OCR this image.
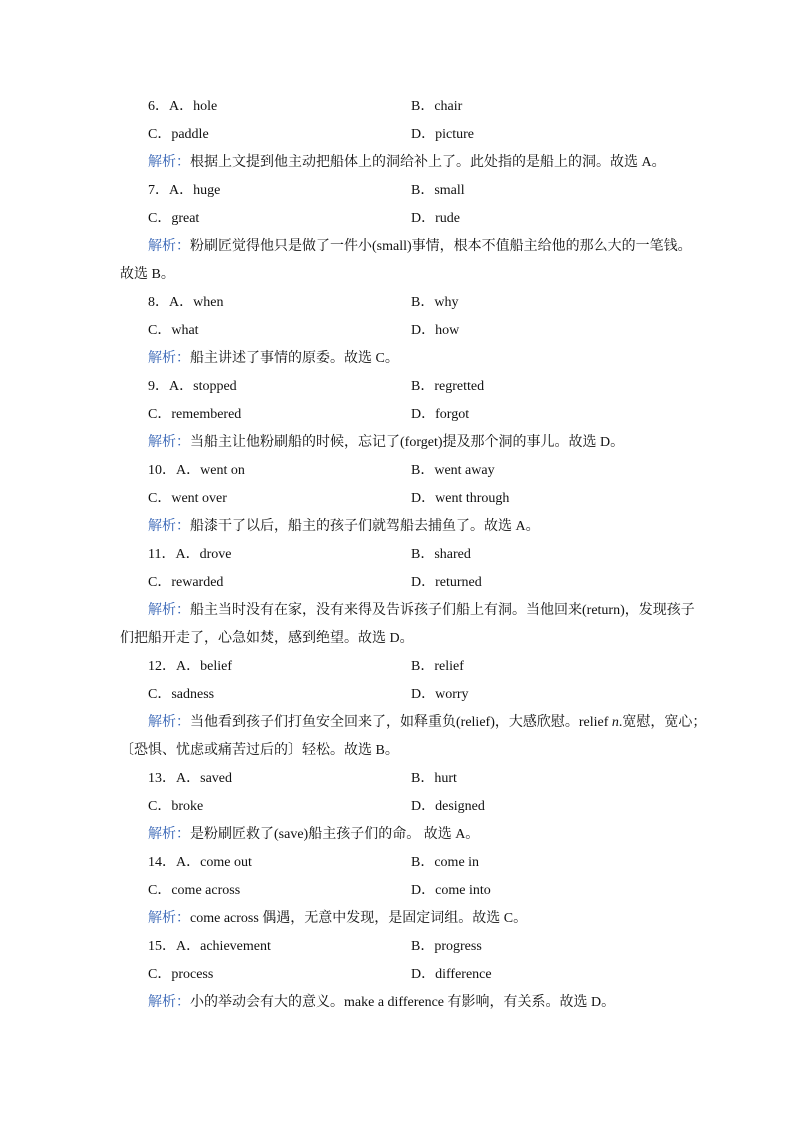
6．A．hole	B．chair
C．paddle	D．picture
解析：根据上文提到他主动把船体上的洞给补上了。此处指的是船上的洞。故选 A。
7．A．huge	B．small
C．great	D．rude
解析：粉刷匠觉得他只是做了一件小(small)事情，根本不值船主给他的那么大的一笔钱。
故选 B。
8．A．when	B．why
C．what	D．how
解析：船主讲述了事情的原委。故选 C。
9．A．stopped	B．regretted
C．remembered	D．forgot
解析：当船主让他粉刷船的时候，忘记了(forget)提及那个洞的事儿。故选 D。
10．A．went on	B．went away
C．went over	D．went through
解析：船漆干了以后，船主的孩子们就驾船去捕鱼了。故选 A。
11．A．drove	B．shared
C．rewarded	D．returned
解析：船主当时没有在家，没有来得及告诉孩子们船上有洞。当他回来(return)，发现孩子
们把船开走了，心急如焚，感到绝望。故选 D。
12．A．belief	B．relief
C．sadness	D．worry
解析：当他看到孩子们打鱼安全回来了，如释重负(relief)，大感欣慰。relief n.宽慰，宽心；
〔恐惧、忧虑或痛苦过后的〕轻松。故选 B。
13．A．saved	B．hurt
C．broke	D．designed
解析：是粉刷匠救了(save)船主孩子们的命。 故选 A。
14．A．come out	B．come in
C．come across	D．come into
解析：come across 偶遇，无意中发现，是固定词组。故选 C。
15．A．achievement	B．progress
C．process	D．difference
解析：小的举动会有大的意义。make a difference 有影响，有关系。故选 D。
